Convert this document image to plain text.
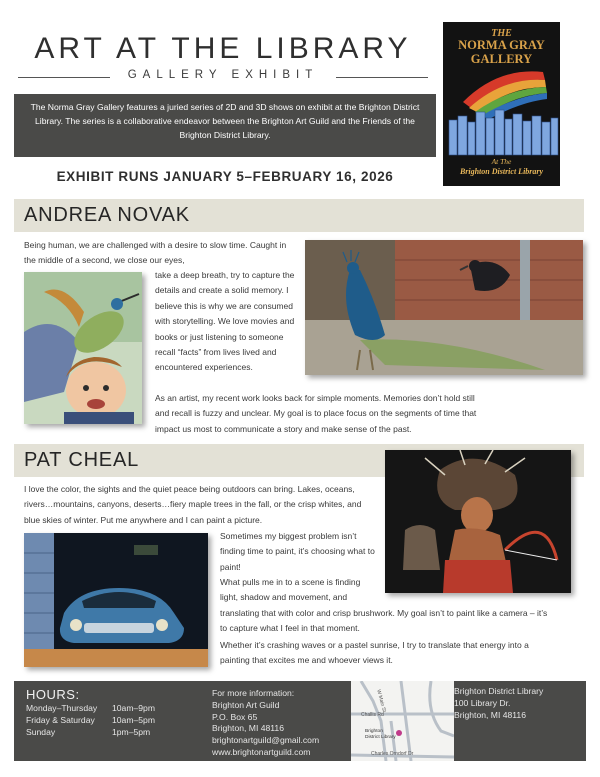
ART AT THE LIBRARY
GALLERY EXHIBIT
The Norma Gray Gallery features a juried series of 2D and 3D shows on exhibit at the Brighton District Library. The series is a collaborative endeavor between the Brighton Art Guild and the Friends of the Brighton District Library.
EXHIBIT RUNS JANUARY 5–FEBRUARY 16, 2026
THE
NORMA GRAY GALLERY
At The
Brighton District Library
ANDREA NOVAK
Being human, we are challenged with a desire to slow time. Caught in the middle of a second, we close our eyes,
take a deep breath, try to capture the details and create a solid memory. I believe this is why we are consumed with storytelling. We love movies and books or just listening to someone recall “facts” from lives lived and encountered experiences.
As an artist, my recent work looks back for simple moments. Memories don’t hold still and recall is fuzzy and unclear. My goal is to place focus on the segments of time that impact us most to communicate a story and make sense of the past.
PAT CHEAL
I love the color, the sights and the quiet peace being outdoors can bring. Lakes, oceans, rivers…mountains, canyons, deserts…fiery maple trees in the fall, or the crisp whites, and blue skies of winter. Put me anywhere and I can paint a picture.
Sometimes my biggest problem isn’t finding time to paint, it’s choosing what to paint!
What pulls me in to a scene is finding light, shadow and movement, and
translating that with color and crisp brushwork. My goal isn’t to paint like a camera – it’s to capture what I feel in that moment.
Whether it’s crashing waves or a pastel sunrise, I try to translate that energy into a painting that excites me and whoever views it.
HOURS:
Monday–Thursday 10am–9pm
Friday & Saturday 10am–5pm
Sunday	1pm–5pm
For more information:
Brighton Art Guild
P.O. Box 65
Brighton, MI 48116
brightonartguild@gmail.com
www.brightonartguild.com
Challis Rd
W Main St
Brighton District Library
Charles Orndorf Dr
Brighton District Library
100 Library Dr.
Brighton, MI 48116
